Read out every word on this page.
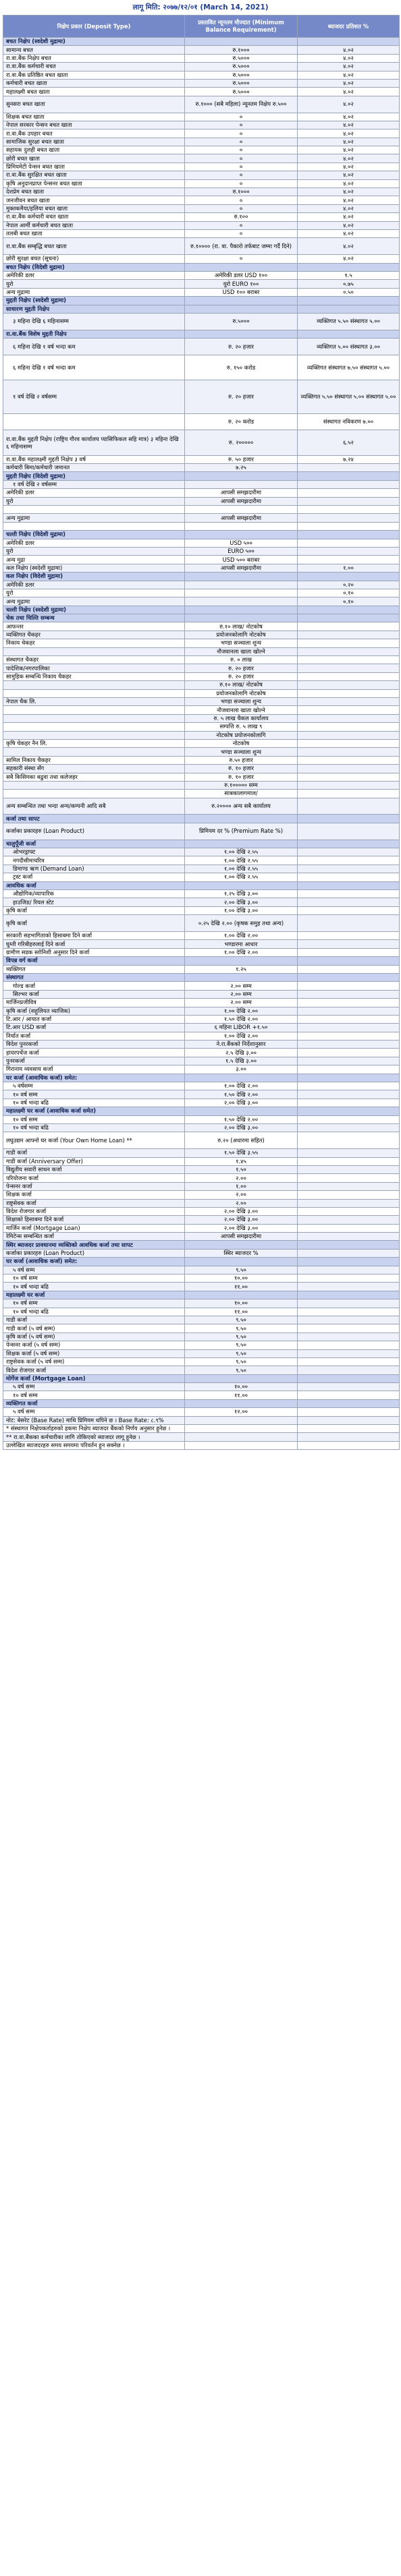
लागू मिति: २०७७/१२/०१ (March 14, 2021)
निक्षेप प्रकार (Deposit Type)	प्रस्तावित न्यूनतम मौज्दात (Minimum Balance Requirement)	ब्याजदर प्रतिशत %
बचत निक्षेप (स्वदेशी मुद्रामा)		
सामान्य बचत	रु.१०००	४.०२
रा.वा.बैंक निक्षेप बचत	रु.५०००	४.०२
रा.वा.बैंक कर्मचारी बचत	रु.५०००	४.०२
रा.वा.बैंक प्रतिष्ठित बचत खाता	रु.५०००	४.०२
कर्मचारी बचत खाता	रु.५०००	४.०२
महालक्ष्मी बचत खाता	रु.५०००	४.०२
सुनसरा बचत खाता	रु.१००० (सबै महिला) न्यूनतम निक्षेप रु.५००	४.०२
शिक्षक बचत खाता	०	४.०२
नेपाल सरकार पेन्सन बचत खाता	०	४.०२
रा.वा.बैंक उपहार बचत	०	४.०२
सामाजिक सुरक्षा बचत खाता	०	४.०२
सहायक दुलही बचत खाता	०	४.०२
छोरी बचत खाता	०	४.०२
प्रिमियमेटी पेन्सन बचत खाता	०	४.०२
रा.वा.बैंक सुरक्षित बचत खाता	०	४.०२
कृषि अनुदानप्राप्त पेन्सनर बचत खाता	०	४.०२
देशप्रेम बचत खाता	रु.१०००	४.०२
जनजीवन बचत खाता	०	४.०२
मुक्तकमैया/हलिया बचत खाता	०	४.०२
रा.वा.बैंक कर्मचारी बचत खाता	रु.१००	४.०२
नेपाल आर्मी कर्मचारी बचत खाता	०	४.०२
तलबी बचत खाता	०	४.०२
रा.वा.बैंक सम्बृद्धि बचत खाता	रु.१०००० (रा. वा. पैकारो तर्फबाट जम्मा गर्दै दिने)	४.०२
छोरी सुरक्षा बचत (सूचना)	०	४.०२
बचत निक्षेप (विदेशी मुद्रामा)		
अमेरिकी डलर	अमेरिकी डलर USD १००	१.५
युरो	युरो EURO १००	०.७५
अन्य मुद्रामा	USD १०० बराबर	०.५०
मुद्दती निक्षेप (स्वदेशी मुद्रामा)		
साधारण मुद्दती निक्षेप		
३ महिना देखि ६ महिनासम्म	रु.५०००	व्यक्तिगत ५.५० संस्थागत ५.००
रा.वा.बैंक विशेष मुद्दती निक्षेप		
६ महिना देखि १ वर्ष भन्दा कम	रु. २० हजार	व्यक्तिगत ५.०० संस्थागत ३.००
६ महिना देखि १ वर्ष भन्दा कम	रु. १५० करोड	व्यक्तिगत संस्थागत ७.५० संस्थागत ५.००
१ वर्ष देखि २ वर्षसम्म	रु. २० हजार	व्यक्तिगत ५.५० संस्थागत ५.०० संस्थागत ५.००
	रु. २० करोड	संस्थागत नविकरण ७.००
रा.वा.बैंक मुद्दती निक्षेप (राष्ट्रिय गौरव कार्यालय प्यासिफिकल सहि मात्र) ३ महिना देखि ६ महिनासम्म	रु. २०००००	६.५२
रा.वा.बैंक महालक्ष्मी मुद्दती निक्षेप ३ वर्ष	रु. ५० हजार	७.२४
कर्मचारी बिमा/कर्मचारी जमानत	७.२५	
मुद्दती निक्षेप (विदेशी मुद्रामा)		
१ वर्ष देखि २ वर्षसम्म		
अमेरिकी डलर	आपसी समझदारीमा	
युरो	आपसी समझदारीमा	

अन्य मुद्रामा	आपसी समझदारीमा	

चल्ती निक्षेप (विदेशी मुद्रामा)		
अमेरिकी डलर	USD ५००	
युरो	EURO ५००	
अन्य मुद्रा	USD ५०० बराबर	
कल निक्षेप (स्वदेशी मुद्रामा)	आपसी समझदारीमा	१.००
कल निक्षेप (विदेशी मुद्रामा)		
अमेरिकी डलर		०.२०
युरो		०.१०
अन्य मुद्रामा		०.१०
चल्ती निक्षेप (स्वदेशी मुद्रामा)		
चेक तथा चिल्ति सम्बन्ध		
आफन्तर	रु.१० लाख/ नोटकोष	
व्यक्तिगत चैकहर	प्रयोजनकोलागि नोटकोष	
निकाय चेकहर	भण्डा सञ्चाला शुन्य	
	नौजवानला खाता खोल्ने	
संस्थागत चैकहर	रु. ० लाख	
पादेशिक/नगरपालिका	रु. २० हजार	
सामुहिक सम्बन्धि निकाय चैकहर	रु. २० हजार	
	रु.१० लाख/ नोटकोष	
	प्रयोजनकोलागि नोटकोष	
नेपाल चैक लि.	भण्डा सञ्चाला शुन्य	
	नौजवानला खाता खोल्ने	
	रु. ५ लाख चैकल कार्यालय	
	सम्पत्ति रु. ५ लाख ९	
	नोटकोष प्रयोजनकोलागि	
कृषि चेकहर नैन लि.	नोटकोष	
	भण्डा सञ्चाला शुन्य	
सामिल निकाय चैकहर	रु.५० हजार	
सहकारी संस्था सँग	रु. १० हजार	
सबै किसिमका बढुवा तथा कलेजहर	रु. १० हजार	
	रु.१००००० सम्म	
	साबकालागमाल/	
अन्य सम्बन्धित तथा भन्दा अन्य/कम्पनी आदि सबै	रु.२०००० अन्य सबै कार्यालय	
कर्जा तथा सापट		
कर्जाका प्रकारहरु (Loan Product)	प्रिमियम दर % (Premium Rate %)	
चालुपूँजी कर्जा		
ओभरड्राफ्ट	१.०० देखि २.५५	
नगदीसीमाचरित्र	१.०० देखि २.५५	
डिमाण्ड ऋण (Demand Loan)	१.०० देखि २.५५	
ट्रस्ट कर्जा	१.०० देखि २.५५	
आवधिक कर्जा		
औद्योगिक/व्यापारिक	१.२५ देखि ३.००	
हाउजिङ/ रियल स्टेट	२.०० देखि ३.००	
कृषि कर्जा	१.०० देखि ३.००	
कृषि कर्जा	०.२५ देखि २.०० (कृषक समुह तथा अन्य)	
सरकारी सहभागिताको हिसाबमा दिने कर्जा	१.०० देखि २.००	
घुम्ती गरिबीहरुलाई दिने कर्जा	भण्डारमा आधार	
ग्रामीण सडक स्तोनिशी अनुसार दिने कर्जा	१.०० देखि २.००	
विपन्न वर्ग कर्जा		
व्यक्तिगत	१.२५	
संस्थागत		
गोल्ड कर्जा	२.०० सम्म	
सिल्भर कर्जा	२.०० सम्म	
मार्जिनप्रजीवित्र	२.०० सम्म	
कृषि कर्जा (सहुलियत व्याजिक)	१.०० देखि २.००	
टि.आर / आयात कर्जा	१.५० देखि २.००	
टि.आर USD कर्जा	६ महिना LIBOR +१.५०	
निर्यात कर्जा	१.०० देखि २.००	
विदेश पुनरकर्जा	ने.रा.बैंकको निर्देशानुसार	
हायरपर्चेज कर्जा	२.५ देखि ३.००	
पुनरकर्जा	१.५ देखि ३.००	
गिरानाय व्यवसाय कर्जा	३.००	
घर कर्जा (आवाधिक कर्जा) समेत:		
५ वर्षसम्म	१.०० देखि २.००	
१० वर्ष सम्म	१.५० देखि २.००	
१० वर्ष भन्दा बढि	२.०० देखि ३.००	
महालक्ष्मी घर कर्जा (आवाधिक कर्जा समेत)		
१० वर्ष सम्म	१.५० देखि २.००	
१० वर्ष भन्दा बढि	२.०० देखि ३.००	
लघुउद्यम आफ्नो घर कर्जा (Your Own Home Loan) **	रु.२० (अधारमा सहित)	
गाडी कर्जा	१.५० देखि ३.५५	
गाडी कर्जा (Anniversary Offer)	१.४५	
विद्युतीय सवारी साधन कर्जा	१.५०	
परियोजना कर्जा	२.००	
पेन्सनर कर्जा	१.००	
शिक्षक कर्जा	२.००	
राष्ट्रसेवक कर्जा	२.००	
विदेश रोजगार कर्जा	२.०० देखि ३.००	
शिक्षाको हिसाबमा दिने कर्जा	२.०० देखि ३.००	
मार्जिन कर्जा (Mortgage Loan)	२.०० देखि ३.००	
रेमिटेन्स सम्बन्धित कर्जा	आपसी समझदारीमा	
स्थिर ब्याजदर प्रावधानमा व्यक्तिको आवधिक कर्जा तथा सापट		
कर्जाका प्रकारहरु (Loan Product)	स्थिर ब्याजदर %	
घर कर्जा (आवाधिक कर्जा) समेत:		
५ वर्ष सम्म	९.५०	
१० वर्ष सम्म	१०.००	
१० वर्ष भन्दा बढि	११.००	
महालक्ष्मी घर कर्जा		
१० वर्ष सम्म	१०.००	
१० वर्ष भन्दा बढि	११.००	
गाडी कर्जा	९.५०	
गाडी कर्जा (५ वर्ष सम्म)	९.५०	
कृषि कर्जा (५ वर्ष सम्म)	९.५०	
पेन्सनर कर्जा (५ वर्ष सम्म)	९.५०	
शिक्षक कर्जा (५ वर्ष सम्म)	९.५०	
राष्ट्रसेवक कर्जा (५ वर्ष सम्म)	९.५०	
विदेश रोजगार कर्जा	९.५०	
मोर्गेज कर्जा (Mortgage Loan)		
५ वर्ष सम्म	१०.००	
१० वर्ष सम्म	११.००	
व्यक्तिगत कर्जा		
५ वर्ष सम्म	१२.००	
नोट: बेसरेट (Base Rate) माथि प्रिमियम थपिने छ । Base Rate: ८.९%		
* संस्थागत निक्षेपकर्ताहरुको हकमा निक्षेप ब्याजदर बैंकको निर्णय अनुसार हुनेछ ।		
** रा.वा.बैंकका कर्मचारीका लागि तोकिएको ब्याजदर लागू हुनेछ ।		
उल्लेखित ब्याजदरहरु समय समयमा परिवर्तन हुन सक्नेछ ।		
